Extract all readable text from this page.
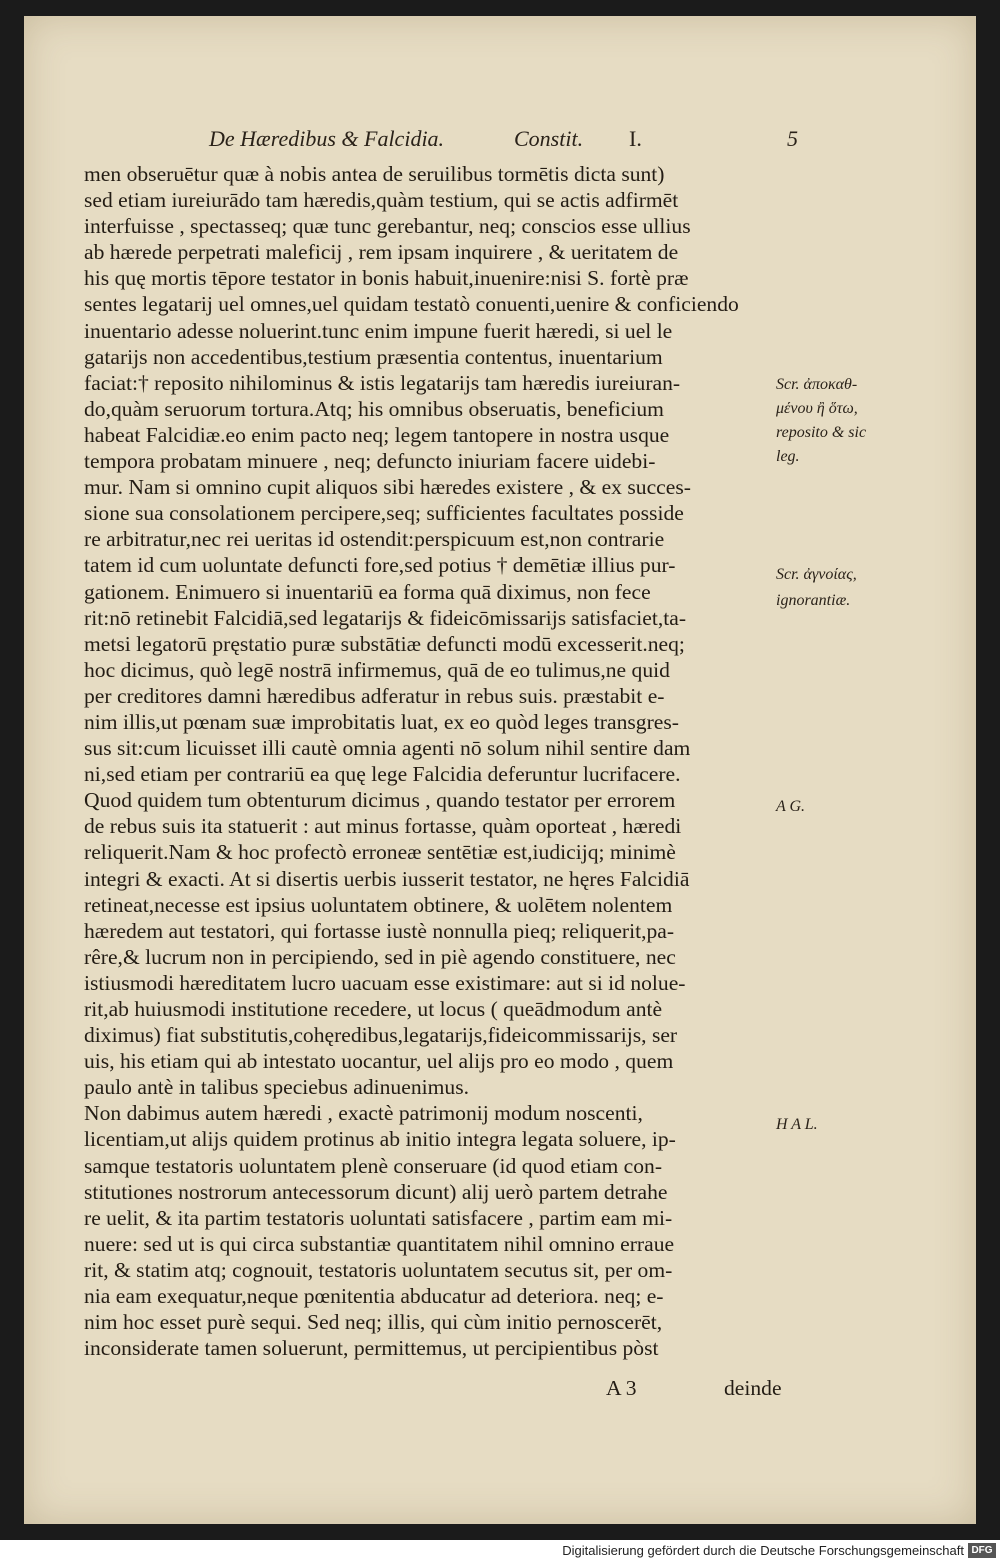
De Hæredibus & Falcidia.	Constit. I.	5
men obseruētur quæ à nobis antea de seruilibus tormētis dicta sunt)
sed etiam iureiurādo tam hæredis,quàm testium, qui se actis adfirmēt
interfuisse , spectasseq; quæ tunc gerebantur, neq; conscios esse ullius
ab hærede perpetrati maleficij , rem ipsam inquirere , & ueritatem de
his quę mortis tēpore testator in bonis habuit,inuenire:nisi S. fortè præ
sentes legatarij uel omnes,uel quidam testatò conuenti,uenire & conficiendo
inuentario adesse noluerint.tunc enim impune fuerit hæredi, si uel le
gatarijs non accedentibus,testium præsentia contentus, inuentarium
faciat:† reposito nihilominus & istis legatarijs tam hæredis iureiuran-
do,quàm seruorum tortura.Atq; his omnibus obseruatis, beneficium
habeat Falcidiæ.eo enim pacto neq; legem tantopere in nostra usque
tempora probatam minuere , neq; defuncto iniuriam facere uidebi-
mur. Nam si omnino cupit aliquos sibi hæredes existere , & ex succes-
sione sua consolationem percipere,seq; sufficientes facultates posside
re arbitratur,nec rei ueritas id ostendit:perspicuum est,non contrarie
tatem id cum uoluntate defuncti fore,sed potius † demētiæ illius pur-
gationem. Enimuero si inuentariū ea forma quā diximus, non fece
rit:nō retinebit Falcidiā,sed legatarijs & fideicōmissarijs satisfaciet,ta-
metsi legatorū pręstatio puræ substātiæ defuncti modū excesserit.neq;
hoc dicimus, quò legē nostrā infirmemus, quā de eo tulimus,ne quid
per creditores damni hæredibus adferatur in rebus suis. præstabit e-
nim illis,ut pœnam suæ improbitatis luat, ex eo quòd leges transgres-
sus sit:cum licuisset illi cautè omnia agenti nō solum nihil sentire dam
ni,sed etiam per contrariū ea quę lege Falcidia deferuntur lucrifacere.
Quod quidem tum obtenturum dicimus , quando testator per errorem
de rebus suis ita statuerit : aut minus fortasse, quàm oporteat , hæredi
reliquerit.Nam & hoc profectò erroneæ sentētiæ est,iudicijq; minimè
integri & exacti. At si disertis uerbis iusserit testator, ne hęres Falcidiā
retineat,necesse est ipsius uoluntatem obtinere, & uolētem nolentem
hæredem aut testatori, qui fortasse iustè nonnulla pieq; reliquerit,pa-
rêre,& lucrum non in percipiendo, sed in piè agendo constituere, nec
istiusmodi hæreditatem lucro uacuam esse existimare: aut si id nolue-
rit,ab huiusmodi institutione recedere, ut locus ( queādmodum antè
diximus) fiat substitutis,cohęredibus,legatarijs,fideicommissarijs, ser
uis, his etiam qui ab intestato uocantur, uel alijs pro eo modo , quem
paulo antè in talibus speciebus adinuenimus.
Non dabimus autem hæredi , exactè patrimonij modum noscenti,
licentiam,ut alijs quidem protinus ab initio integra legata soluere, ip-
samque testatoris uoluntatem plenè conseruare (id quod etiam con-
stitutiones nostrorum antecessorum dicunt) alij uerò partem detrahe
re uelit, & ita partim testatoris uoluntati satisfacere , partim eam mi-
nuere: sed ut is qui circa substantiæ quantitatem nihil omnino erraue
rit, & statim atq; cognouit, testatoris uoluntatem secutus sit, per om-
nia eam exequatur,neque pœnitentia abducatur ad deteriora. neq; e-
nim hoc esset purè sequi. Sed neq; illis, qui cùm initio pernoscerēt,
inconsiderate tamen soluerunt, permittemus, ut percipientibus pòst
Scr. ἀποκαθ-
μένου ἢ ὅτω,
reposito & sic
leg.
Scr. ἀγνοίας,
ignorantiæ.
A G.
H A L.
A 3	deinde
Digitalisierung gefördert durch die Deutsche Forschungsgemeinschaft DFG
